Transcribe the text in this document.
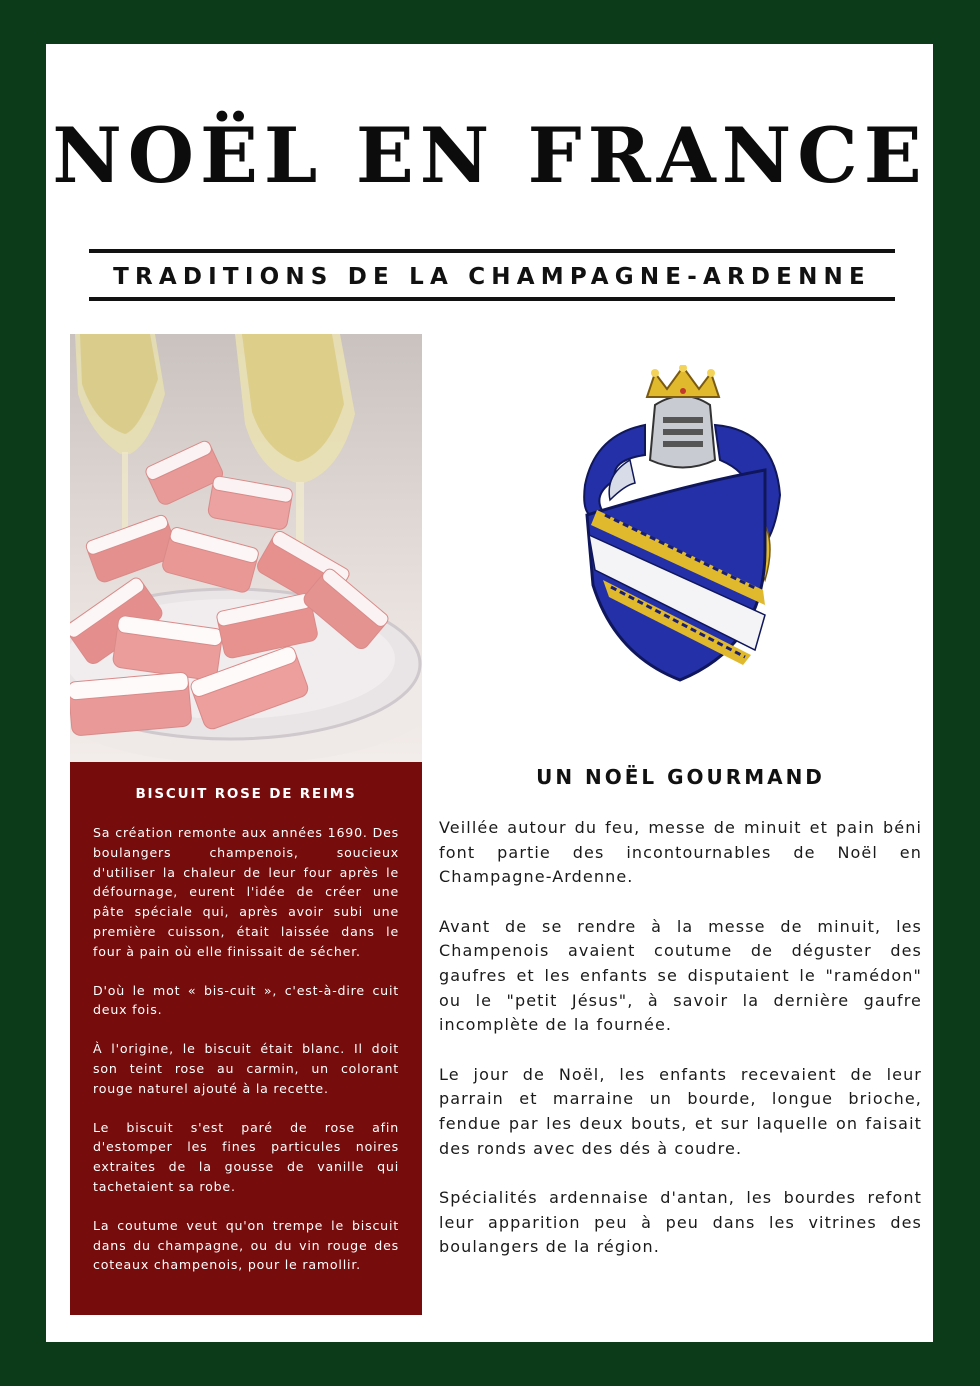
NOËL EN FRANCE
TRADITIONS DE LA CHAMPAGNE-ARDENNE
BISCUIT ROSE DE REIMS

Sa création remonte aux années 1690. Des boulangers champenois, soucieux d'utiliser la chaleur de leur four après le défournage, eurent l'idée de créer une pâte spéciale qui, après avoir subi une première cuisson, était laissée dans le four à pain où elle finissait de sécher.

D'où le mot « bis-cuit », c'est-à-dire cuit deux fois.

À l'origine, le biscuit était blanc. Il doit son teint rose au carmin, un colorant rouge naturel ajouté à la recette.

Le biscuit s'est paré de rose afin d'estomper les fines particules noires extraites de la gousse de vanille qui tachetaient sa robe.

La coutume veut qu'on trempe le biscuit dans du champagne, ou du vin rouge des coteaux champenois, pour le ramollir.

UN NOËL GOURMAND

Veillée autour du feu, messe de minuit et pain béni font partie des incontournables de Noël en Champagne-Ardenne.

Avant de se rendre à la messe de minuit, les Champenois avaient coutume de déguster des gaufres et les enfants se disputaient le "ramédon" ou le "petit Jésus", à savoir la dernière gaufre incomplète de la fournée.

Le jour de Noël, les enfants recevaient de leur parrain et marraine un bourde, longue brioche, fendue par les deux bouts, et sur laquelle on faisait des ronds avec des dés à coudre.

Spécialités ardennaise d'antan, les bourdes refont leur apparition peu à peu dans les vitrines des boulangers de la région.
